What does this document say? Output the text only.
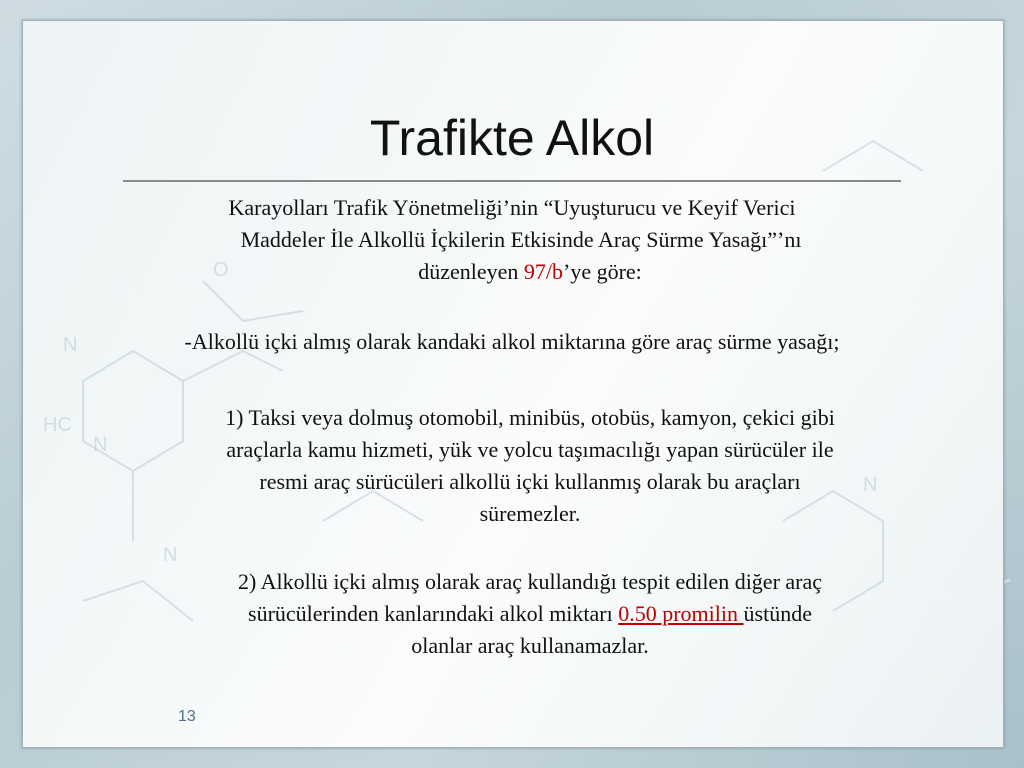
N
N
HC
O
N
N
Trafikte Alkol
Karayolları Trafik Yönetmeliği’nin “Uyuşturucu ve Keyif Verici
Maddeler İle Alkollü İçkilerin Etkisinde Araç Sürme Yasağı”’nı
düzenleyen 97/b’ye göre:
-Alkollü içki almış olarak kandaki alkol miktarına göre araç sürme yasağı;
1) Taksi veya dolmuş otomobil, minibüs, otobüs, kamyon, çekici gibi
araçlarla kamu hizmeti, yük ve yolcu taşımacılığı yapan sürücüler ile
resmi araç sürücüleri alkollü içki kullanmış olarak bu araçları
süremezler.
2) Alkollü içki almış olarak araç kullandığı tespit edilen diğer araç
sürücülerinden kanlarındaki alkol miktarı 0.50 promilin üstünde
olanlar araç kullanamazlar.
13
